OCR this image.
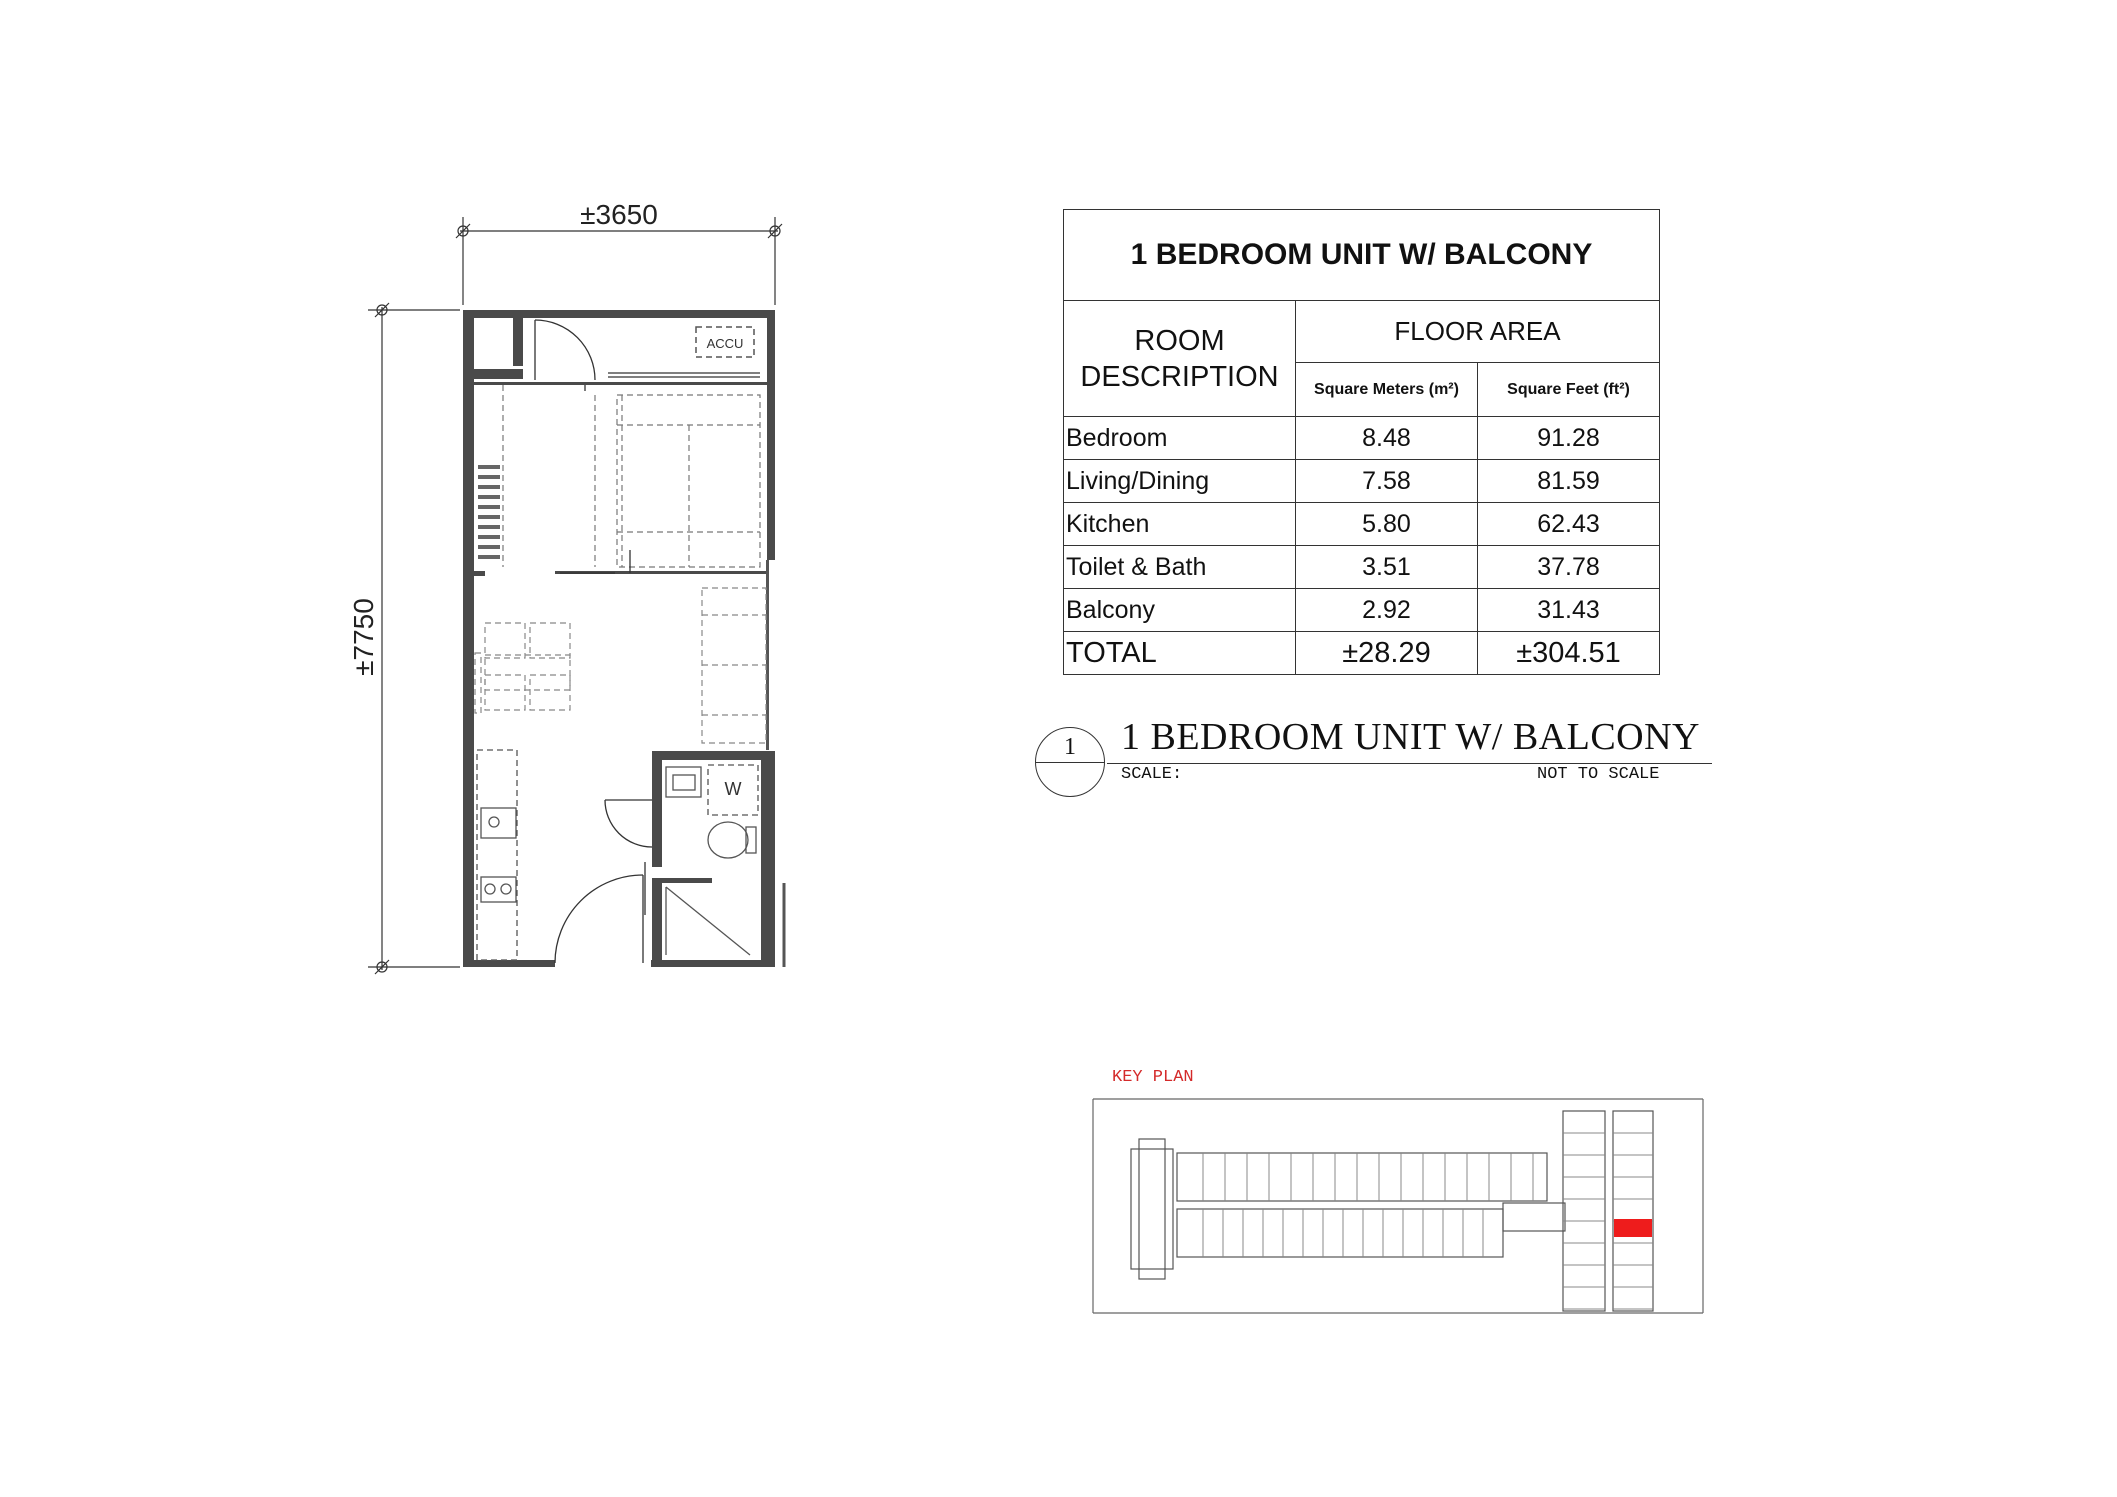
±3650
±7750
ACCU
W
1 BEDROOM UNIT W/ BALCONY		

ROOM
DESCRIPTION	FLOOR AREA	
	Square Meters (m²)	Square Feet (ft²)
Bedroom	8.48	91.28
Living/Dining	7.58	81.59
Kitchen	5.80	62.43
Toilet & Bath	3.51	37.78
Balcony	2.92	31.43
TOTAL	±28.29	±304.51
1	1 BEDROOM UNIT W/ BALCONY
SCALE:	NOT TO SCALE
KEY PLAN
